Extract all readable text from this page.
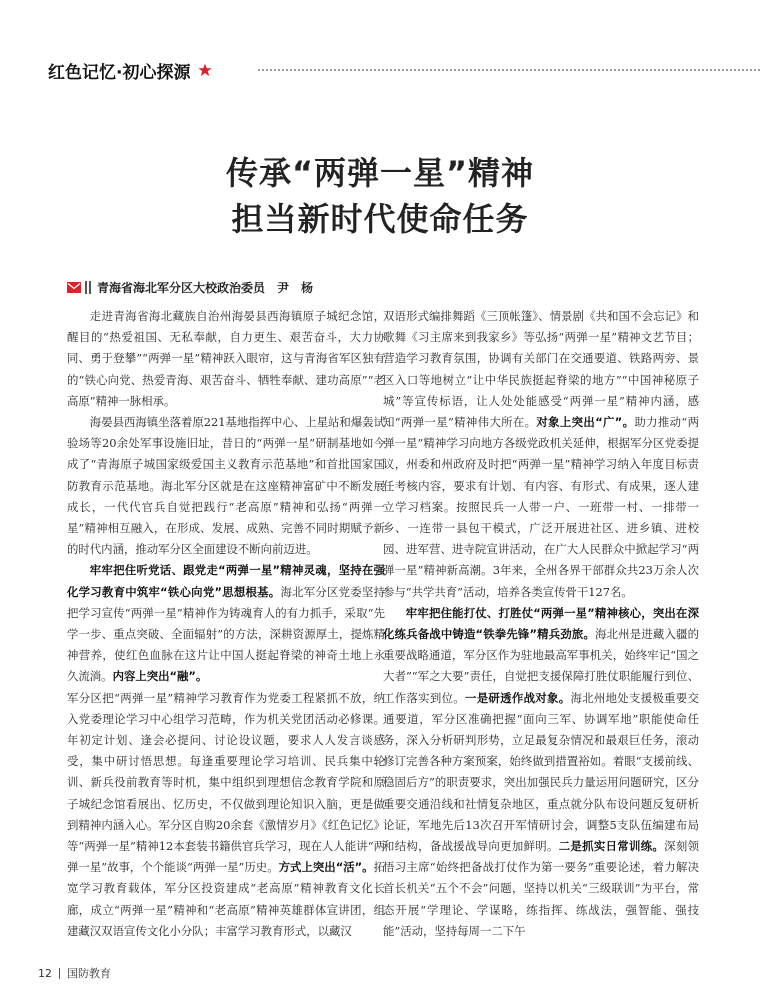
红色记忆·初心探源
传承“两弹一星”精神
担当新时代使命任务
青海省海北军分区大校政治委员　尹　杨

走进青海省海北藏族自治州海晏县西海镇原子城纪念馆，醒目的“热爱祖国、无私奉献，自力更生、艰苦奋斗，大力协同、勇于登攀”“两弹一星”精神跃入眼帘，这与青海省军区独有的“铁心向党、热爱青海、艰苦奋斗、牺牲奉献、建功高原”“老高原”精神一脉相承。

海晏县西海镇坐落着原221基地指挥中心、上星站和爆轰试验场等20余处军事设施旧址，昔日的“两弹一星”研制基地如今成了“青海原子城国家级爱国主义教育示范基地”和首批国家国防教育示范基地。海北军分区就是在这座精神富矿中不断发展成长，一代代官兵自觉把践行“老高原”精神和弘扬“两弹一星”精神相互融入，在形成、发展、成熟、完善不同时期赋予新的时代内涵，推动军分区全面建设不断向前迈进。

牢牢把住听党话、跟党走“两弹一星”精神灵魂，坚持在强化学习教育中筑牢“铁心向党”思想根基。海北军分区党委坚持把学习宣传“两弹一星”精神作为铸魂育人的有力抓手，采取“先学一步、重点突破、全面辐射”的方法，深耕资源厚土，提炼精神营养，使红色血脉在这片让中国人挺起脊梁的神奇土地上永久流淌。内容上突出“融”。

军分区把“两弹一星”精神学习教育作为党委工程紧抓不放，纳入党委理论学习中心组学习范畴，作为机关党团活动必修课。年初定计划、逢会必提问、讨论设议题，要求人人发言谈感受，集中研讨悟思想。每逢重要理论学习培训、民兵集中轮训、新兵役前教育等时机，集中组织到理想信念教育学院和原子城纪念馆看展出、忆历史，不仅做到理论知识入脑，更是做到精神内涵入心。军分区自购20余套《激情岁月》《红色记忆》等“两弹一星”精神12本套装书籍供官兵学习，现在人人能讲“两弹一星”故事，个个能谈“两弹一星”历史。方式上突出“活”。拓宽学习教育载体，军分区投资建成“老高原”精神教育文化长廊，成立“两弹一星”精神和“老高原”精神英雄群体宣讲团，组建藏汉双语宣传文化小分队；丰富学习教育形式，以藏汉

双语形式编排舞蹈《三顶帐篷》、情景剧《共和国不会忘记》和歌舞《习主席来到我家乡》等弘扬“两弹一星”精神文艺节目；营造学习教育氛围，协调有关部门在交通要道、铁路两旁、景区入口等地树立“让中华民族挺起脊梁的地方”“中国神秘原子城”等宣传标语，让人处处能感受“两弹一星”精神内涵，感知“两弹一星”精神伟大所在。对象上突出“广”。助力推动“两弹一星”精神学习向地方各级党政机关延伸，根据军分区党委提议，州委和州政府及时把“两弹一星”精神学习纳入年度目标责任考核内容，要求有计划、有内容、有形式、有成果，逐人建立学习档案。按照民兵一人带一户、一班带一村、一排带一乡、一连带一县包干模式，广泛开展进社区、进乡镇、进校园、进军营、进寺院宣讲活动，在广大人民群众中掀起学习“两弹一星”精神新高潮。3年来，全州各界干部群众共23万余人次参与“共学共育”活动，培养各类宣传骨干127名。

牢牢把住能打仗、打胜仗“两弹一星”精神核心，突出在深化练兵备战中铸造“铁拳先锋”精兵劲旅。海北州是进藏入疆的重要战略通道，军分区作为驻地最高军事机关，始终牢记“国之大者”“军之大要”责任，自觉把支援保障打胜仗职能履行到位、工作落实到位。一是研透作战对象。海北州地处支援极重要交通要道，军分区准确把握“面向三军、协调军地”职能使命任务，深入分析研判形势，立足最复杂情况和最艰巨任务，滚动修订完善各种方案预案，始终做到措置裕如。着眼“支援前线、稳固后方”的职责要求，突出加强民兵力量运用问题研究，区分重要交通沿线和社情复杂地区，重点就分队布设问题反复研析论证，军地先后13次召开军情研讨会，调整5支队伍编建布局和结构，备战援战导向更加鲜明。二是抓实日常训练。深刻领悟习主席“始终把备战打仗作为第一要务”重要论述，着力解决首长机关“五个不会”问题，坚持以机关“三级联训”为平台，常态开展“学理论、学谋略，练指挥、练战法，强智能、强技能”活动，坚持每周一二下午

12 国防教育
